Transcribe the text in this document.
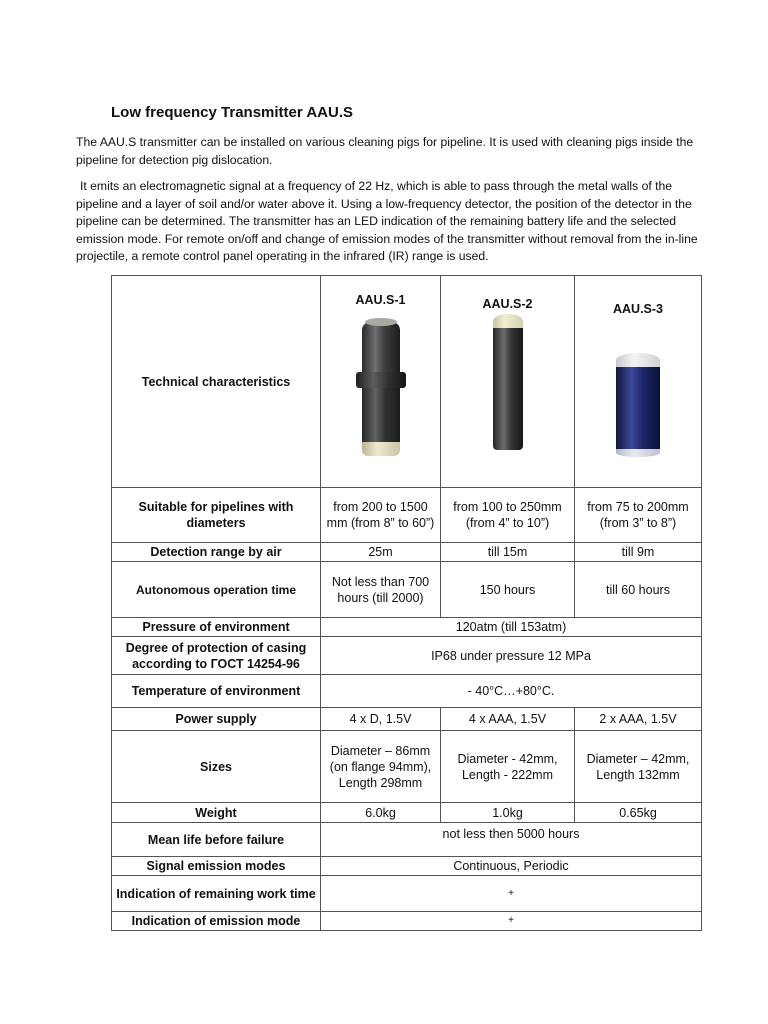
Low frequency Transmitter AAU.S

The AAU.S transmitter can be installed on various cleaning pigs for pipeline. It is used with cleaning pigs inside the pipeline for detection pig dislocation.

It emits an electromagnetic signal at a frequency of 22 Hz, which is able to pass through the metal walls of the pipeline and a layer of soil and/or water above it. Using a low-frequency detector, the position of the detector in the pipeline can be determined. The transmitter has an LED indication of the remaining battery life and the selected emission mode. For remote on/off and change of emission modes of the transmitter without removal from the in-line projectile, a remote control panel operating in the infrared (IR) range is used.

Technical characteristics	AAU.S-1	AAU.S-2	AAU.S-3

Suitable for pipelines with diameters	from 200 to 1500 mm (from 8” to 60”)	from 100 to 250mm (from 4” to 10”)	from 75 to 200mm (from 3” to 8”)
Detection range by air	25m	till 15m	till 9m
Autonomous operation time	Not less than 700 hours (till 2000)	150 hours	till 60 hours
Pressure of environment	120atm (till 153atm)		
Degree of protection of casing according to ГОСТ 14254-96	IP68 under pressure 12 MPa		
Temperature of environment	- 40°C…+80°C.		
Power supply	4 x D, 1.5V	4 x AAA, 1.5V	2 x AAA, 1.5V
Sizes	Diameter – 86mm (on flange 94mm), Length 298mm	Diameter - 42mm, Length - 222mm	Diameter – 42mm, Length 132mm
Weight	6.0kg	1.0kg	0.65kg
Mean life before failure	not less then 5000 hours		
Signal emission modes	Continuous, Periodic		
Indication of remaining work time	+		
Indication of emission mode	+		
